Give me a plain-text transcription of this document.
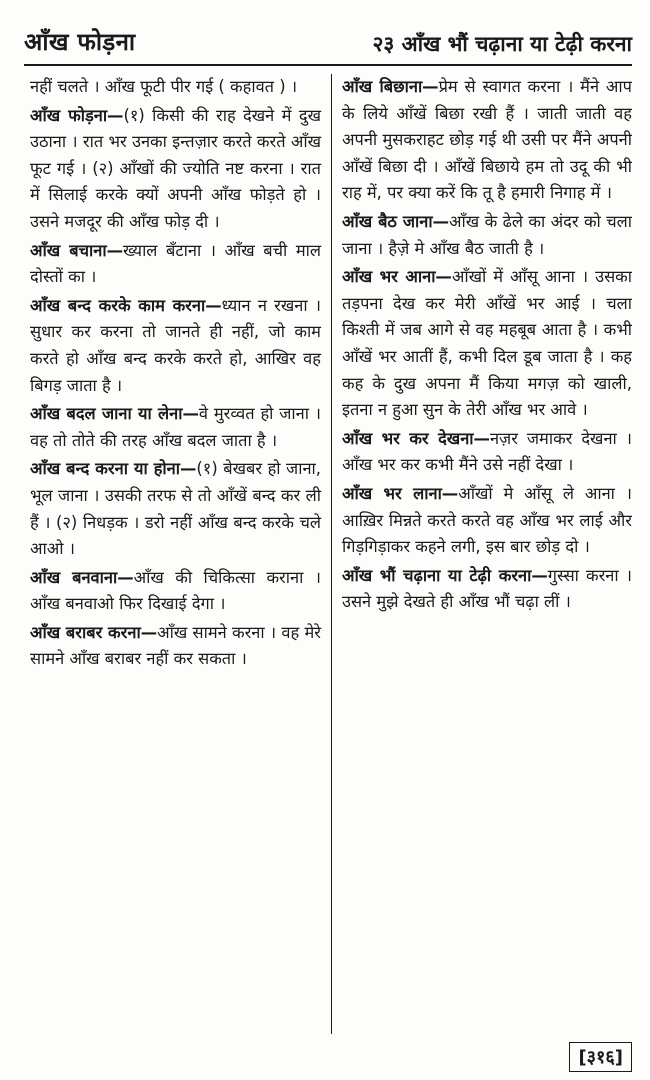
आँख फोड़ना	२३ आँख भौं चढ़ाना या टेढ़ी करना

नहीं चलते । आँख फूटी पीर गई ( कहावत ) ।

आँख फोड़ना—(१) किसी की राह देखने में दुख उठाना । रात भर उनका इन्तज़ार करते करते आँख फूट गई । (२) आँखों की ज्योति नष्ट करना । रात में सिलाई करके क्यों अपनी आँख फोड़ते हो । उसने मजदूर की आँख फोड़ दी ।

आँख बचाना—ख्याल बँटाना । आँख बची माल दोस्तों का ।

आँख बन्द करके काम करना—ध्यान न रखना । सुधार कर करना तो जानते ही नहीं, जो काम करते हो आँख बन्द करके करते हो, आखिर वह बिगड़ जाता है ।

आँख बदल जाना या लेना—वे मुरव्वत हो जाना । वह तो तोते की तरह आँख बदल जाता है ।

आँख बन्द करना या होना—(१) बेखबर हो जाना, भूल जाना । उसकी तरफ से तो आँखें बन्द कर ली हैं । (२) निधड़क । डरो नहीं आँख बन्द करके चले आओ ।

आँख बनवाना—आँख की चिकित्सा कराना । आँख बनवाओ फिर दिखाई देगा ।

आँख बराबर करना—आँख सामने करना । वह मेरे सामने आँख बराबर नहीं कर सकता ।

आँख बिछाना—प्रेम से स्वागत करना । मैंने आप के लिये आँखें बिछा रखी हैं । जाती जाती वह अपनी मुसकराहट छोड़ गई थी उसी पर मैंने अपनी आँखें बिछा दी । आँखें बिछाये हम तो उदू की भी राह में, पर क्या करें कि तू है हमारी निगाह में ।

आँख बैठ जाना—आँख के ढेले का अंदर को चला जाना । हैज़े मे आँख बैठ जाती है ।

आँख भर आना—आँखों में आँसू आना । उसका तड़पना देख कर मेरी आँखें भर आई । चला किश्ती में जब आगे से वह महबूब आता है । कभी आँखें भर आतीं हैं, कभी दिल डूब जाता है । कह कह के दुख अपना मैं किया मगज़ को खाली, इतना न हुआ सुन के तेरी आँख भर आवे ।

आँख भर कर देखना—नज़र जमाकर देखना । आँख भर कर कभी मैंने उसे नहीं देखा ।

आँख भर लाना—आँखों मे आँसू ले आना । आख़िर मिन्नते करते करते वह आँख भर लाई और गिड़गिड़ाकर कहने लगी, इस बार छोड़ दो ।

आँख भौं चढ़ाना या टेढ़ी करना—गुस्सा करना । उसने मुझे देखते ही आँख भौं चढ़ा लीं ।

[३१६]
